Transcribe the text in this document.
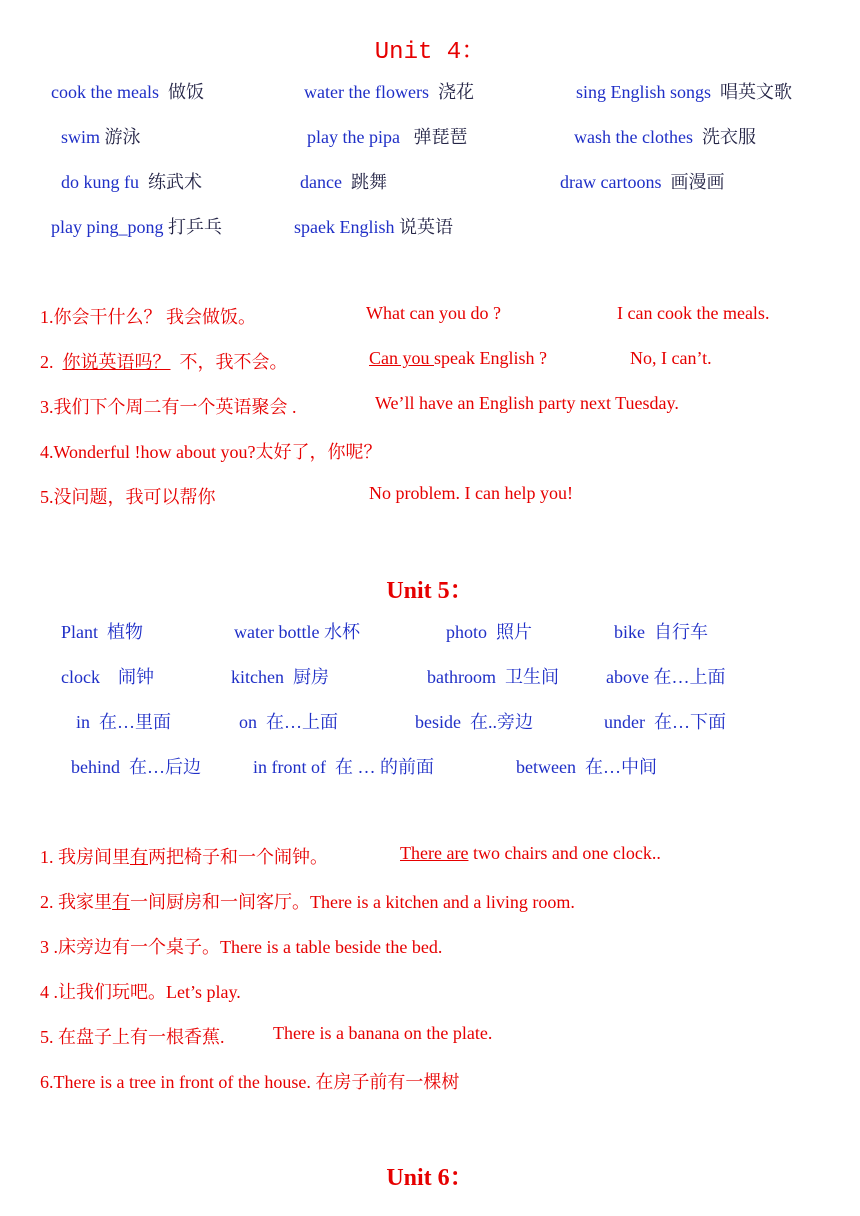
Unit 4：
cook the meals 做饭	water the flowers 浇花	sing English songs 唱英文歌
swim 游泳	play the pipa 弹琵琶	wash the clothes 洗衣服
do kung fu 练武术	dance 跳舞	draw cartoons 画漫画
play ping_pong 打乒乓	spaek English 说英语
1.你会干什么？ 我会做饭。	What can you do ?	I can cook the meals.
2. 你说英语吗？ 不，我不会。	Can you speak English ?	No, I can’t.
3.我们下个周二有一个英语聚会 .	We’ll have an English party next Tuesday.
4.Wonderful !how about you?太好了，你呢？
5.没问题，我可以帮你	No problem. I can help you!
Unit 5：
Plant 植物	water bottle 水杯	photo 照片	bike 自行车
clock 闹钟	kitchen 厨房	bathroom 卫生间	above 在…上面
in 在…里面	on 在…上面	beside 在..旁边	under 在…下面
behind 在…后边	in front of 在 … 的前面	between 在…中间
1. 我房间里有两把椅子和一个闹钟。	There are two chairs and one clock..
2. 我家里有一间厨房和一间客厅。There is a kitchen and a living room.
3 .床旁边有一个桌子。There is a table beside the bed.
4 .让我们玩吧。Let’s play.
5. 在盘子上有一根香蕉.	There is a banana on the plate.
6.There is a tree in front of the house. 在房子前有一棵树
Unit 6：
